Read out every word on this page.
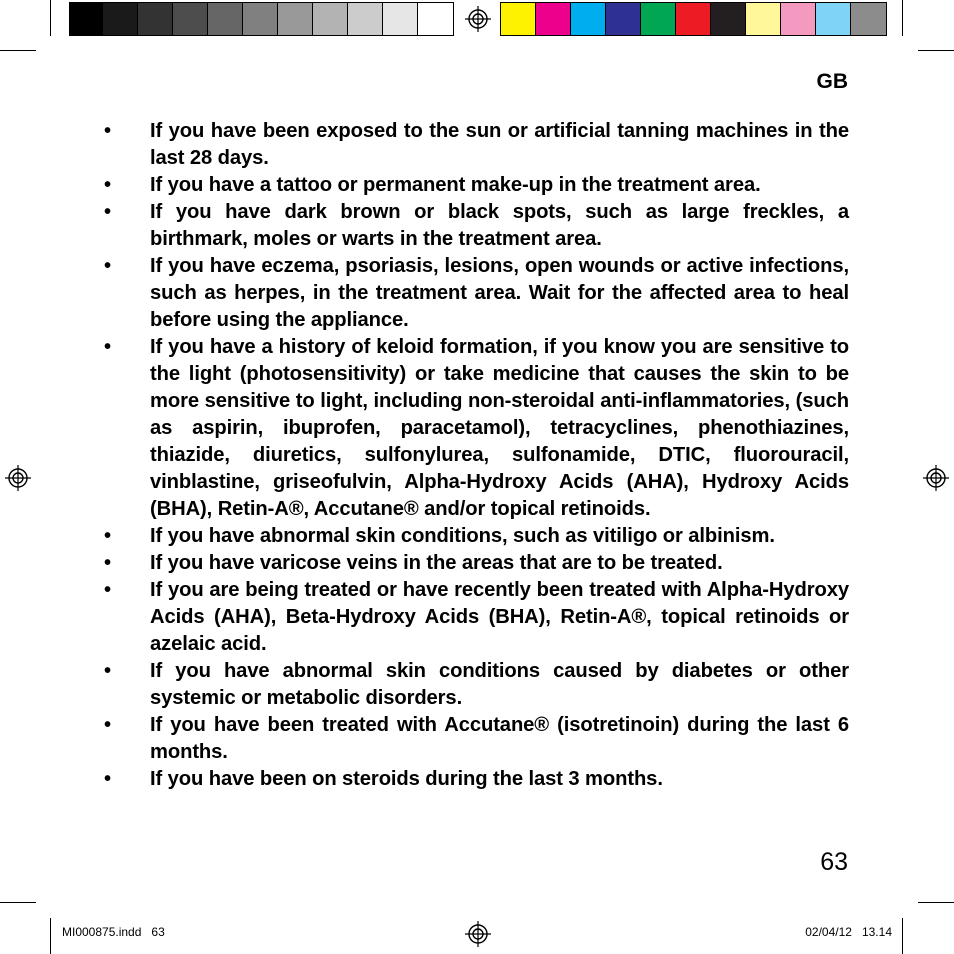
GB
• If you have been exposed to the sun or artificial tanning machines in the last 28 days.
• If you have a tattoo or permanent make-up in the treatment area.
• If you have dark brown or black spots, such as large freckles, a birthmark, moles or warts in the treatment area.
• If you have eczema, psoriasis, lesions, open wounds or active infections, such as herpes, in the treatment area. Wait for the affected area to heal before using the appliance.
• If you have a history of keloid formation, if you know you are sensitive to the light (photosensitivity) or take medicine that causes the skin to be more sensitive to light, including non-steroidal anti-inflammatories, (such as aspirin, ibuprofen, paracetamol), tetracyclines, phenothiazines, thiazide, diuretics, sulfonylurea, sulfonamide, DTIC, fluorouracil, vinblastine, griseofulvin, Alpha-Hydroxy Acids (AHA), Hydroxy Acids (BHA), Retin-A®, Accutane® and/or topical retinoids.
• If you have abnormal skin conditions, such as vitiligo or albinism.
• If you have varicose veins in the areas that are to be treated.
• If you are being treated or have recently been treated with Alpha-Hydroxy Acids (AHA), Beta-Hydroxy Acids (BHA), Retin-A®, topical retinoids or azelaic acid.
• If you have abnormal skin conditions caused by diabetes or other systemic or metabolic disorders.
• If you have been treated with Accutane® (isotretinoin) during the last 6 months.
• If you have been on steroids during the last 3 months.
63
MI000875.indd   63	02/04/12   13.14
